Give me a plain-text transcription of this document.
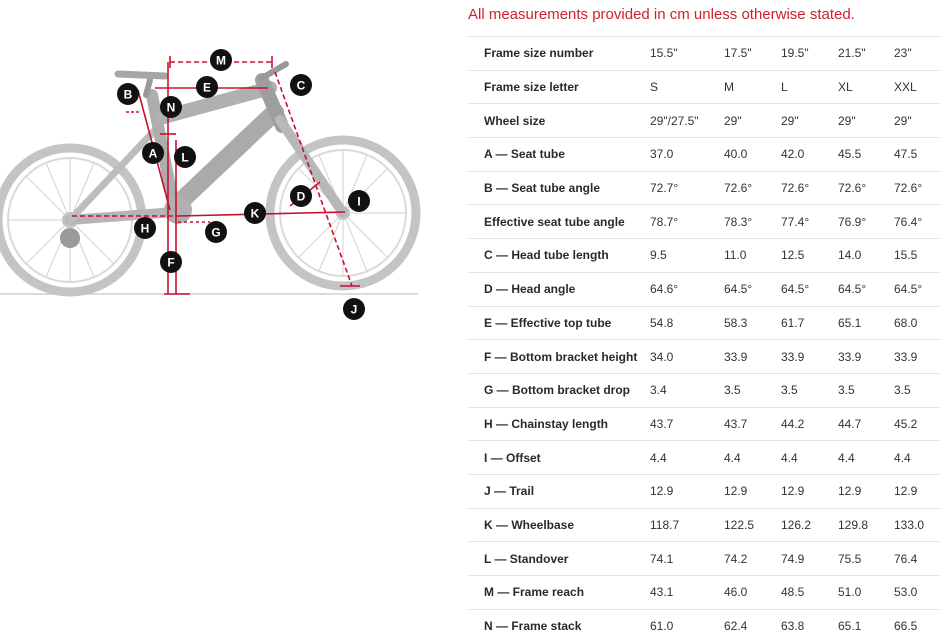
M
E	C
B
N
A L
D	I
H
K
G
F
J
All measurements provided in cm unless otherwise stated.
Frame size number	15.5"	17.5"	19.5"	21.5"	23"
Frame size letter	S	M	L	XL	XXL
Wheel size	29"/27.5"	29"	29"	29"	29"
A — Seat tube	37.0	40.0	42.0	45.5	47.5
B — Seat tube angle	72.7°	72.6°	72.6°	72.6°	72.6°
Effective seat tube angle	78.7°	78.3°	77.4°	76.9°	76.4°
C — Head tube length	9.5	11.0	12.5	14.0	15.5
D — Head angle	64.6°	64.5°	64.5°	64.5°	64.5°
E — Effective top tube	54.8	58.3	61.7	65.1	68.0
F — Bottom bracket height	34.0	33.9	33.9	33.9	33.9
G — Bottom bracket drop	3.4	3.5	3.5	3.5	3.5
H — Chainstay length	43.7	43.7	44.2	44.7	45.2
I — Offset	4.4	4.4	4.4	4.4	4.4
J — Trail	12.9	12.9	12.9	12.9	12.9
K — Wheelbase	118.7	122.5	126.2	129.8	133.0
L — Standover	74.1	74.2	74.9	75.5	76.4
M — Frame reach	43.1	46.0	48.5	51.0	53.0
N — Frame stack	61.0	62.4	63.8	65.1	66.5
